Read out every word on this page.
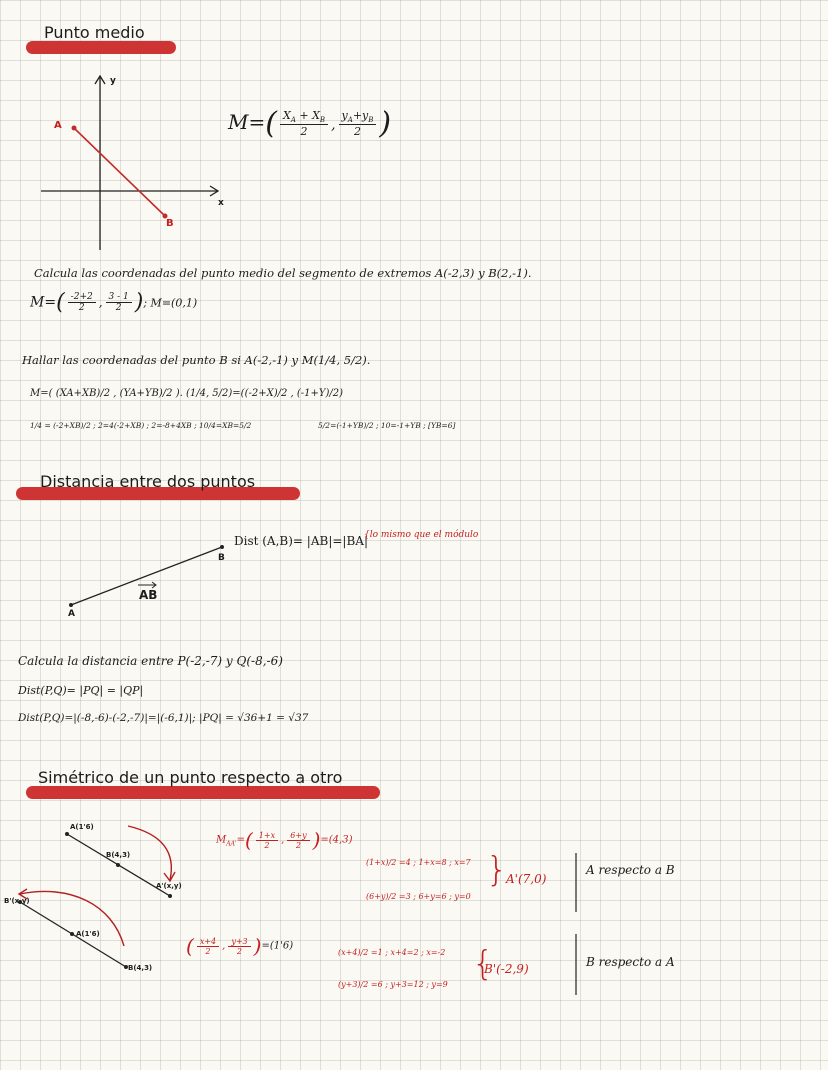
Punto medio
A
B
y
x
$M=( \frac{X_A + X_B}{2}$ , $\frac{y_A+y_B}{2}$ )
Calcula las coordenadas del punto medio del segmento de extremos A(-2,3) y B(2,-1).
$M=( \frac{-2+2}{2}$ , $\frac{3 - 1}{2}$ ); M=(0,1)
Hallar las coordenadas del punto B si A(-2,-1) y M(1/4, 5/2).
M=( (XA+XB)/2 , (YA+YB)/2 ). (1/4, 5/2)=((-2+X)/2 , (-1+Y)/2)
1/4 = (-2+XB)/2 ; 2=4(-2+XB) ; 2=-8+4XB ; 10/4=XB=5/2	5/2=(-1+YB)/2 ; 10=-1+YB ; [YB=6]
Distancia entre dos puntos
A
B
AB
Dist (A,B)= |AB|=|BA|
{lo mismo que el módulo
Calcula la distancia entre P(-2,-7) y Q(-8,-6)
Dist(P,Q)= |PQ| = |QP|
Dist(P,Q)=|(-8,-6)-(-2,-7)|=|(-6,1)|; |PQ| = √36+1 = √37
Simétrico de un punto respecto a otro
A(1'6)
B(4,3)
A'(x,y)
B'(x,y)
A(1'6)
B(4,3)
$M_{AA'}=( \frac{1+x}{2}$ , $\frac{6+y}{2} )=(4,3)$
(1+x)/2 =4 ; 1+x=8 ; x=7
(6+y)/2 =3 ; 6+y=6 ; y=0
}
A'(7,0)
A respecto a B
( $\frac{x+4}{2}$ , $\frac{y+3}{2} )=(1'6)$
(x+4)/2 =1 ; x+4=2 ; x=-2
(y+3)/2 =6 ; y+3=12 ; y=9
{
B'(-2,9)	B respecto a A
